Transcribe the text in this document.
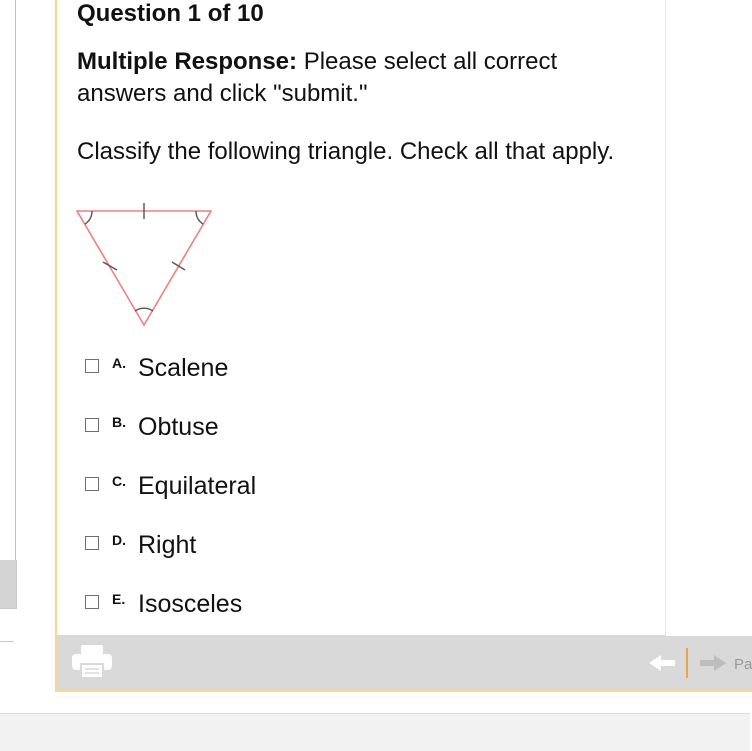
Question 1 of 10
Multiple Response: Please select all correct answers and click "submit."
Classify the following triangle. Check all that apply.
A. Scalene
B. Obtuse
C. Equilateral
D. Right
E. Isosceles
Pa
